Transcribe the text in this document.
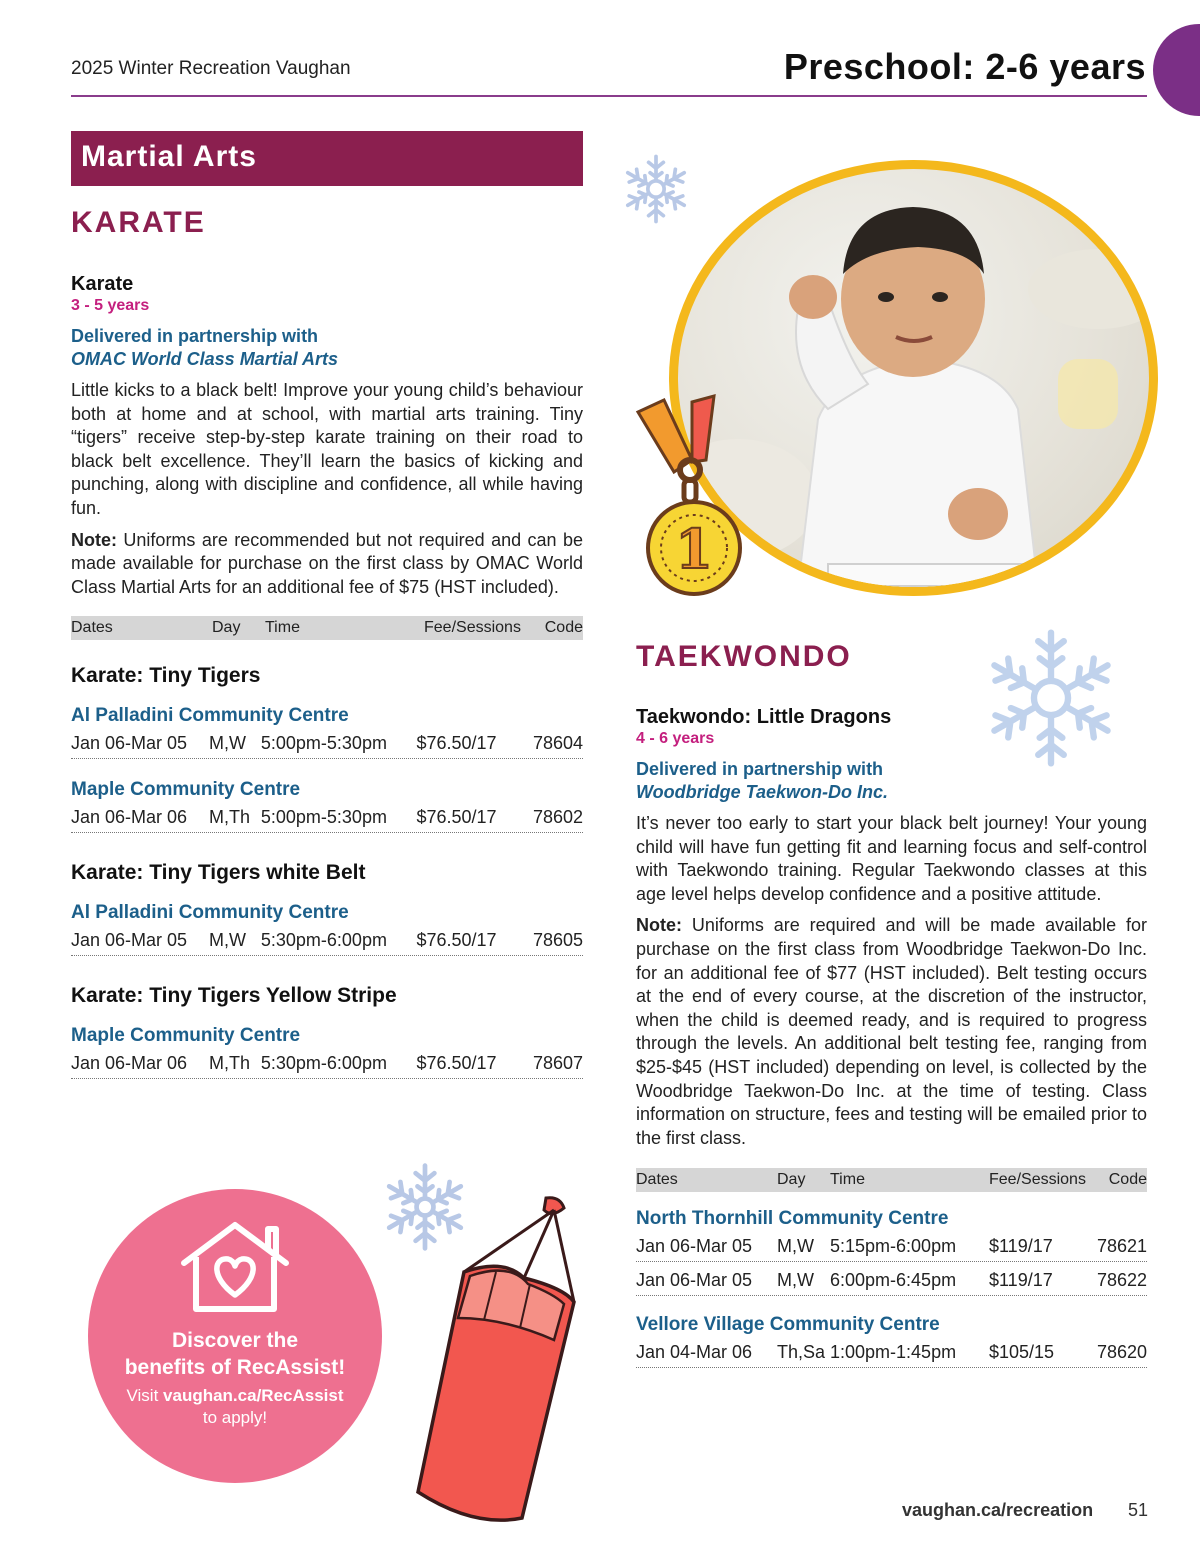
2025 Winter Recreation Vaughan	Preschool: 2-6 years
Martial Arts
KARATE
Karate
3 - 5 years
Delivered in partnership with
OMAC World Class Martial Arts

Little kicks to a black belt! Improve your young child’s behaviour both at home and at school, with martial arts training. Tiny “tigers” receive step-by-step karate training on their road to black belt excellence. They’ll learn the basics of kicking and punching, along with discipline and confidence, all while having fun.

Note: Uniforms are recommended but not required and can be made available for purchase on the first class by OMAC World Class Martial Arts for an additional fee of $75 (HST included).

Dates	Day	Time	Fee/Sessions	Code
Karate: Tiny Tigers
Al Palladini Community Centre
Jan 06-Mar 05	M,W 5:00pm-5:30pm	$76.50/17	78604
Maple Community Centre
Jan 06-Mar 06	M,Th 5:00pm-5:30pm	$76.50/17	78602
Karate: Tiny Tigers white Belt
Al Palladini Community Centre
Jan 06-Mar 05	M,W 5:30pm-6:00pm	$76.50/17	78605
Karate: Tiny Tigers Yellow Stripe
Maple Community Centre
Jan 06-Mar 06	M,Th 5:30pm-6:00pm	$76.50/17	78607
1
TAEKWONDO
Taekwondo: Little Dragons
4 - 6 years
Delivered in partnership with
Woodbridge Taekwon-Do Inc.

It’s never too early to start your black belt journey! Your young child will have fun getting fit and learning focus and self-control with Taekwondo training. Regular Taekwondo classes at this age level helps develop confidence and a positive attitude.

Note: Uniforms are required and will be made available for purchase on the first class from Woodbridge Taekwon-Do Inc. for an additional fee of $77 (HST included). Belt testing occurs at the end of every course, at the discretion of the instructor, when the child is deemed ready, and is required to progress through the levels. An additional belt testing fee, ranging from $25-$45 (HST included) depending on level, is collected by the Woodbridge Taekwon-Do Inc. at the time of testing. Class information on structure, fees and testing will be emailed prior to the first class.

Dates	Day	Time	Fee/Sessions	Code
North Thornhill Community Centre
Jan 06-Mar 05	M,W 5:15pm-6:00pm	$119/17	78621
Jan 06-Mar 05	M,W 6:00pm-6:45pm	$119/17	78622
Vellore Village Community Centre
Jan 04-Mar 06	Th,Sa 1:00pm-1:45pm	$105/15	78620
Discover the
benefits of RecAssist!
Visit vaughan.ca/RecAssist
to apply!
vaughan.ca/recreation 51
